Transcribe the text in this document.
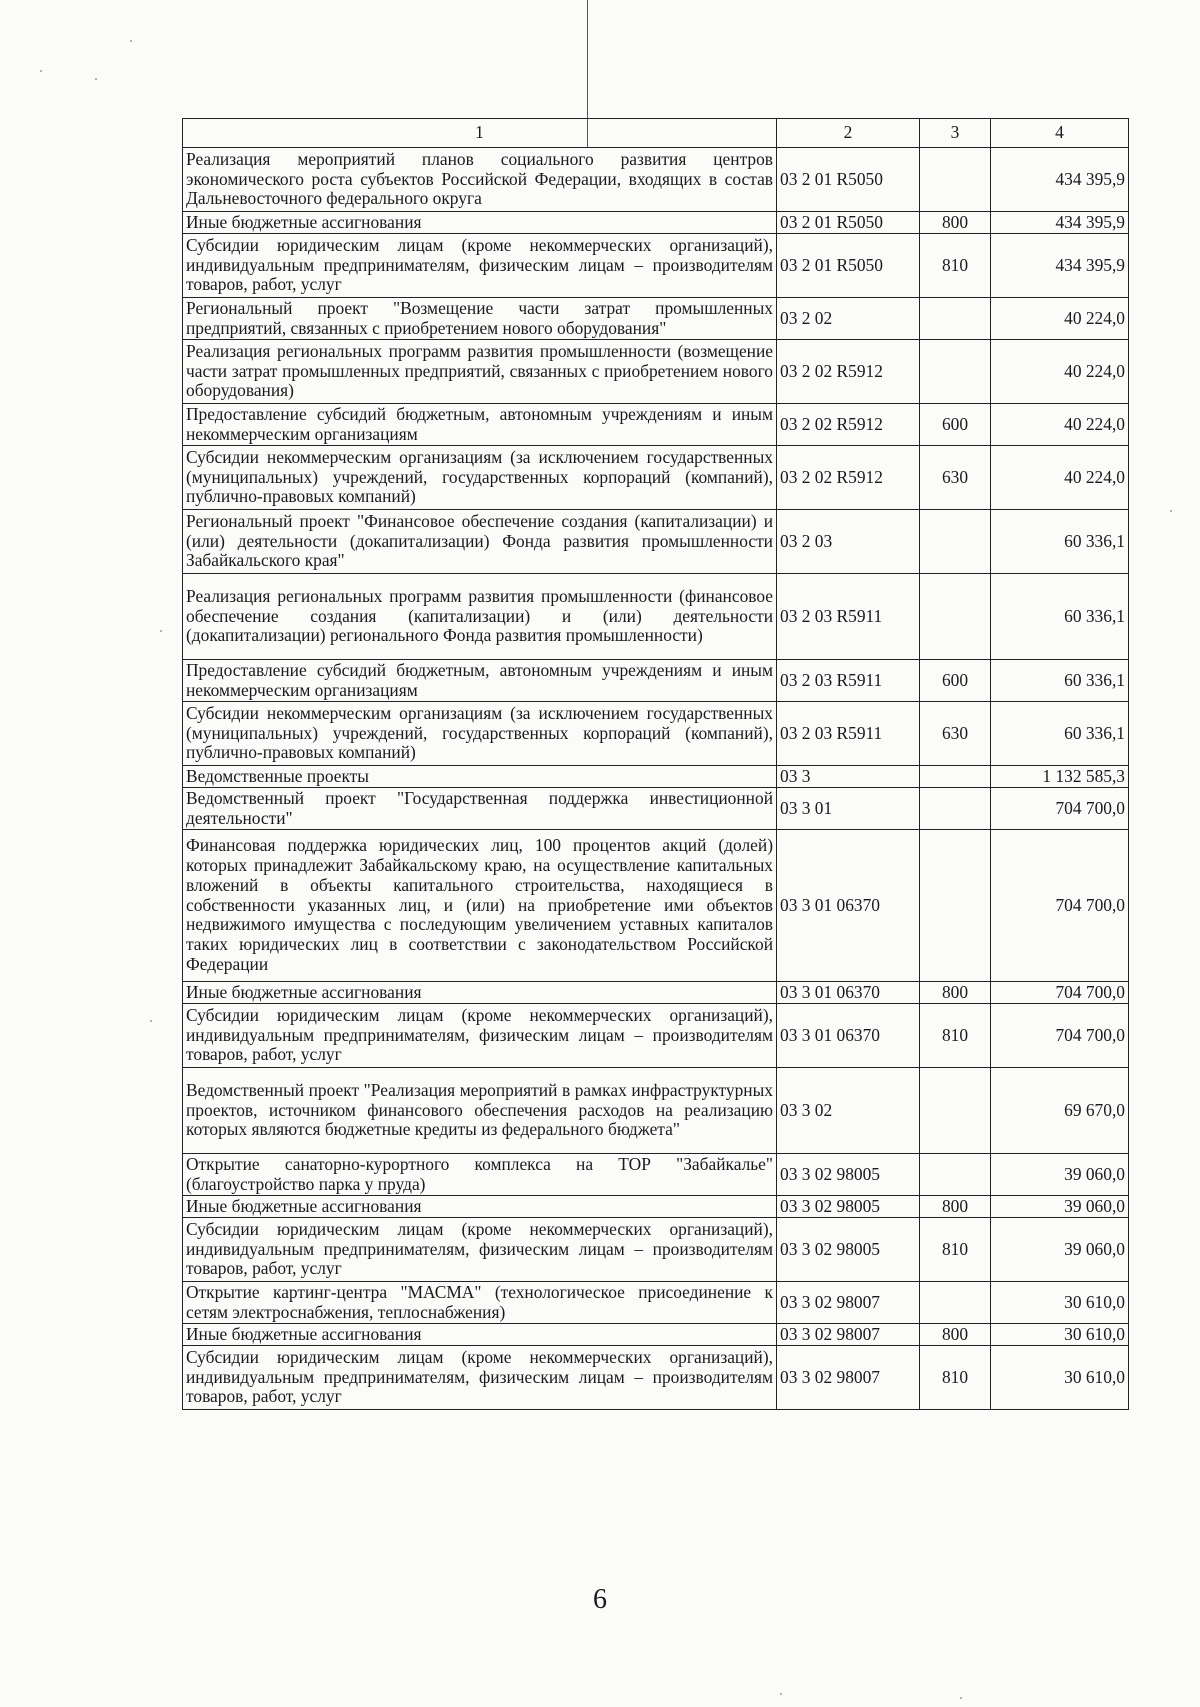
1	2	3	4
Реализация мероприятий планов социального развития центров экономического роста субъектов Российской Федерации, входящих в состав Дальневосточного федерального округа	03 2 01 R5050		434 395,9
Иные бюджетные ассигнования	03 2 01 R5050	800	434 395,9
Субсидии юридическим лицам (кроме некоммерческих организаций), индивидуальным предпринимателям, физическим лицам – производителям товаров, работ, услуг	03 2 01 R5050	810	434 395,9
Региональный проект "Возмещение части затрат промышленных предприятий, связанных с приобретением нового оборудования"	03 2 02		40 224,0
Реализация региональных программ развития промышленности (возмещение части затрат промышленных предприятий, связанных с приобретением нового оборудования)	03 2 02 R5912		40 224,0
Предоставление субсидий бюджетным, автономным учреждениям и иным некоммерческим организациям	03 2 02 R5912	600	40 224,0
Субсидии некоммерческим организациям (за исключением государственных (муниципальных) учреждений, государственных корпораций (компаний), публично-правовых компаний)	03 2 02 R5912	630	40 224,0
Региональный проект "Финансовое обеспечение создания (капитализации) и (или) деятельности (докапитализации) Фонда развития промышленности Забайкальского края"	03 2 03		60 336,1
Реализация региональных программ развития промышленности (финансовое обеспечение создания (капитализации) и (или) деятельности (докапитализации) регионального Фонда развития промышленности)	03 2 03 R5911		60 336,1
Предоставление субсидий бюджетным, автономным учреждениям и иным некоммерческим организациям	03 2 03 R5911	600	60 336,1
Субсидии некоммерческим организациям (за исключением государственных (муниципальных) учреждений, государственных корпораций (компаний), публично-правовых компаний)	03 2 03 R5911	630	60 336,1
Ведомственные проекты	03 3		1 132 585,3
Ведомственный проект "Государственная поддержка инвестиционной деятельности"	03 3 01		704 700,0
Финансовая поддержка юридических лиц, 100 процентов акций (долей) которых принадлежит Забайкальскому краю, на осуществление капитальных вложений в объекты капитального строительства, находящиеся в собственности указанных лиц, и (или) на приобретение ими объектов недвижимого имущества с последующим увеличением уставных капиталов таких юридических лиц в соответствии с законодательством Российской Федерации	03 3 01 06370		704 700,0
Иные бюджетные ассигнования	03 3 01 06370	800	704 700,0
Субсидии юридическим лицам (кроме некоммерческих организаций), индивидуальным предпринимателям, физическим лицам – производителям товаров, работ, услуг	03 3 01 06370	810	704 700,0
Ведомственный проект "Реализация мероприятий в рамках инфраструктурных проектов, источником финансового обеспечения расходов на реализацию которых являются бюджетные кредиты из федерального бюджета"	03 3 02		69 670,0
Открытие санаторно-курортного комплекса на ТОР "Забайкалье" (благоустройство парка у пруда)	03 3 02 98005		39 060,0
Иные бюджетные ассигнования	03 3 02 98005	800	39 060,0
Субсидии юридическим лицам (кроме некоммерческих организаций), индивидуальным предпринимателям, физическим лицам – производителям товаров, работ, услуг	03 3 02 98005	810	39 060,0
Открытие картинг-центра "МАСМА" (технологическое присоединение к сетям электроснабжения, теплоснабжения)	03 3 02 98007		30 610,0
Иные бюджетные ассигнования	03 3 02 98007	800	30 610,0
Субсидии юридическим лицам (кроме некоммерческих организаций), индивидуальным предпринимателям, физическим лицам – производителям товаров, работ, услуг	03 3 02 98007	810	30 610,0
6
